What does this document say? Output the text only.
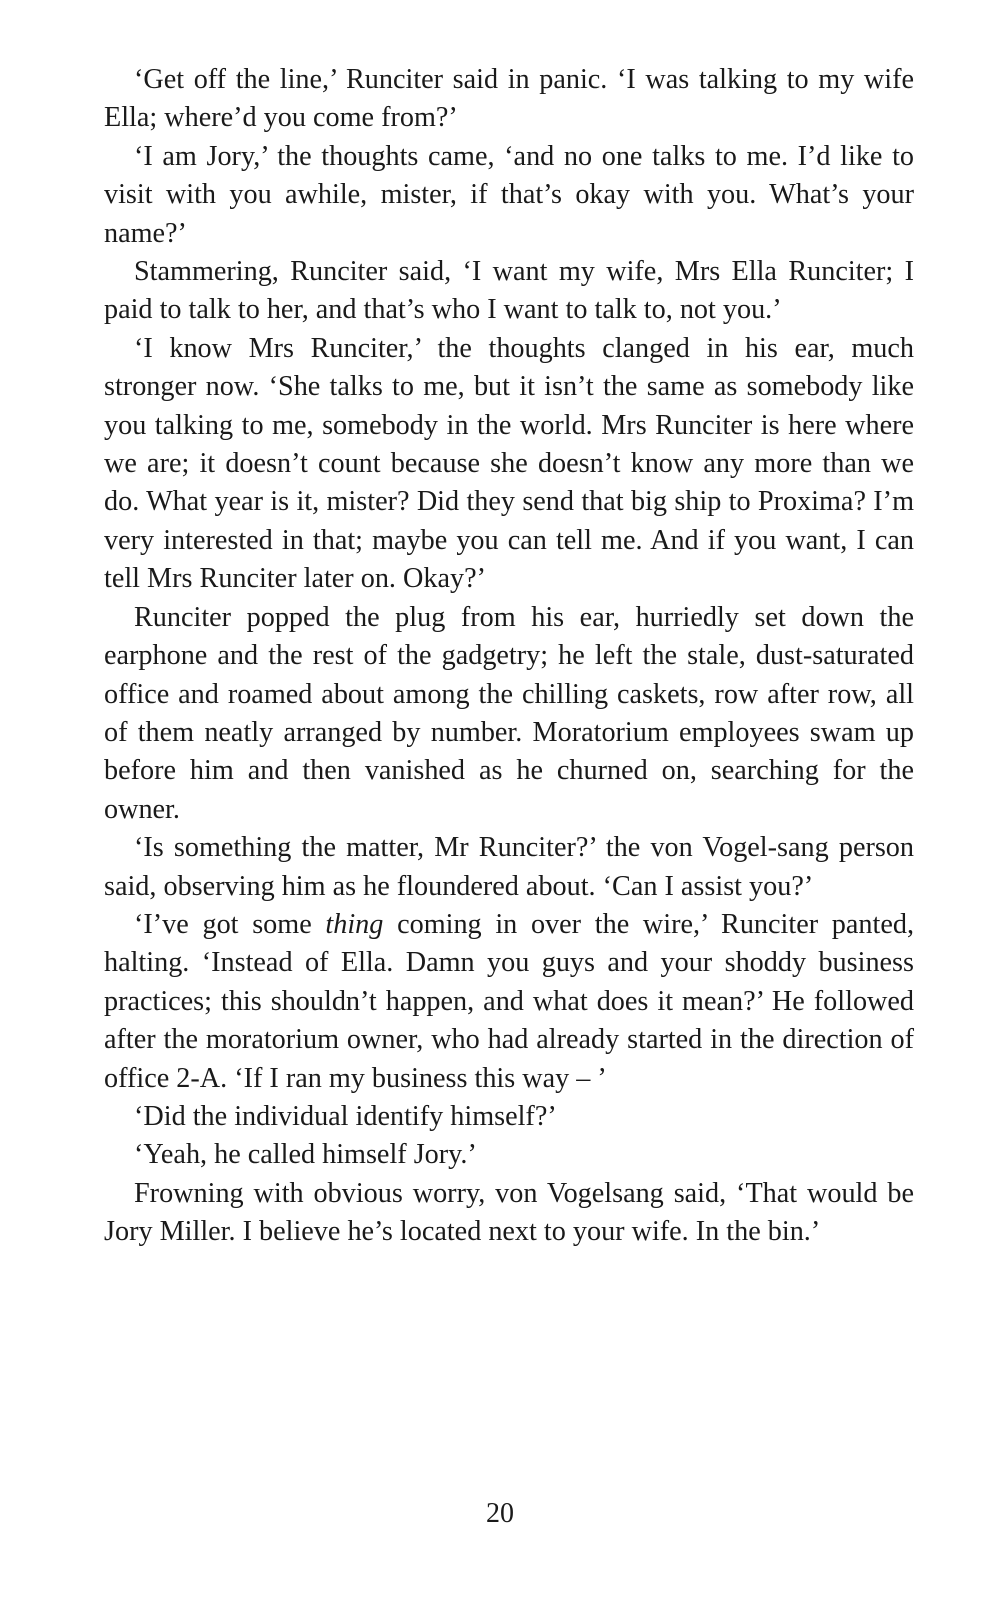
‘Get off the line,’ Runciter said in panic. ‘I was talking to my wife Ella; where’d you come from?’

‘I am Jory,’ the thoughts came, ‘and no one talks to me. I’d like to visit with you awhile, mister, if that’s okay with you. What’s your name?’

Stammering, Runciter said, ‘I want my wife, Mrs Ella Runciter; I paid to talk to her, and that’s who I want to talk to, not you.’

‘I know Mrs Runciter,’ the thoughts clanged in his ear, much stronger now. ‘She talks to me, but it isn’t the same as somebody like you talking to me, somebody in the world. Mrs Runciter is here where we are; it doesn’t count because she doesn’t know any more than we do. What year is it, mister? Did they send that big ship to Proxima? I’m very interested in that; maybe you can tell me. And if you want, I can tell Mrs Runciter later on. Okay?’

Runciter popped the plug from his ear, hurriedly set down the earphone and the rest of the gadgetry; he left the stale, dust-saturated office and roamed about among the chilling caskets, row after row, all of them neatly arranged by number. Moratorium employees swam up before him and then vanished as he churned on, searching for the owner.

‘Is something the matter, Mr Runciter?’ the von Vogel-sang person said, observing him as he floundered about. ‘Can I assist you?’

‘I’ve got some thing coming in over the wire,’ Runciter panted, halting. ‘Instead of Ella. Damn you guys and your shoddy business practices; this shouldn’t happen, and what does it mean?’ He followed after the moratorium owner, who had already started in the direction of office 2-A. ‘If I ran my business this way – ’

‘Did the individual identify himself?’

‘Yeah, he called himself Jory.’

Frowning with obvious worry, von Vogelsang said, ‘That would be Jory Miller. I believe he’s located next to your wife. In the bin.’

20
